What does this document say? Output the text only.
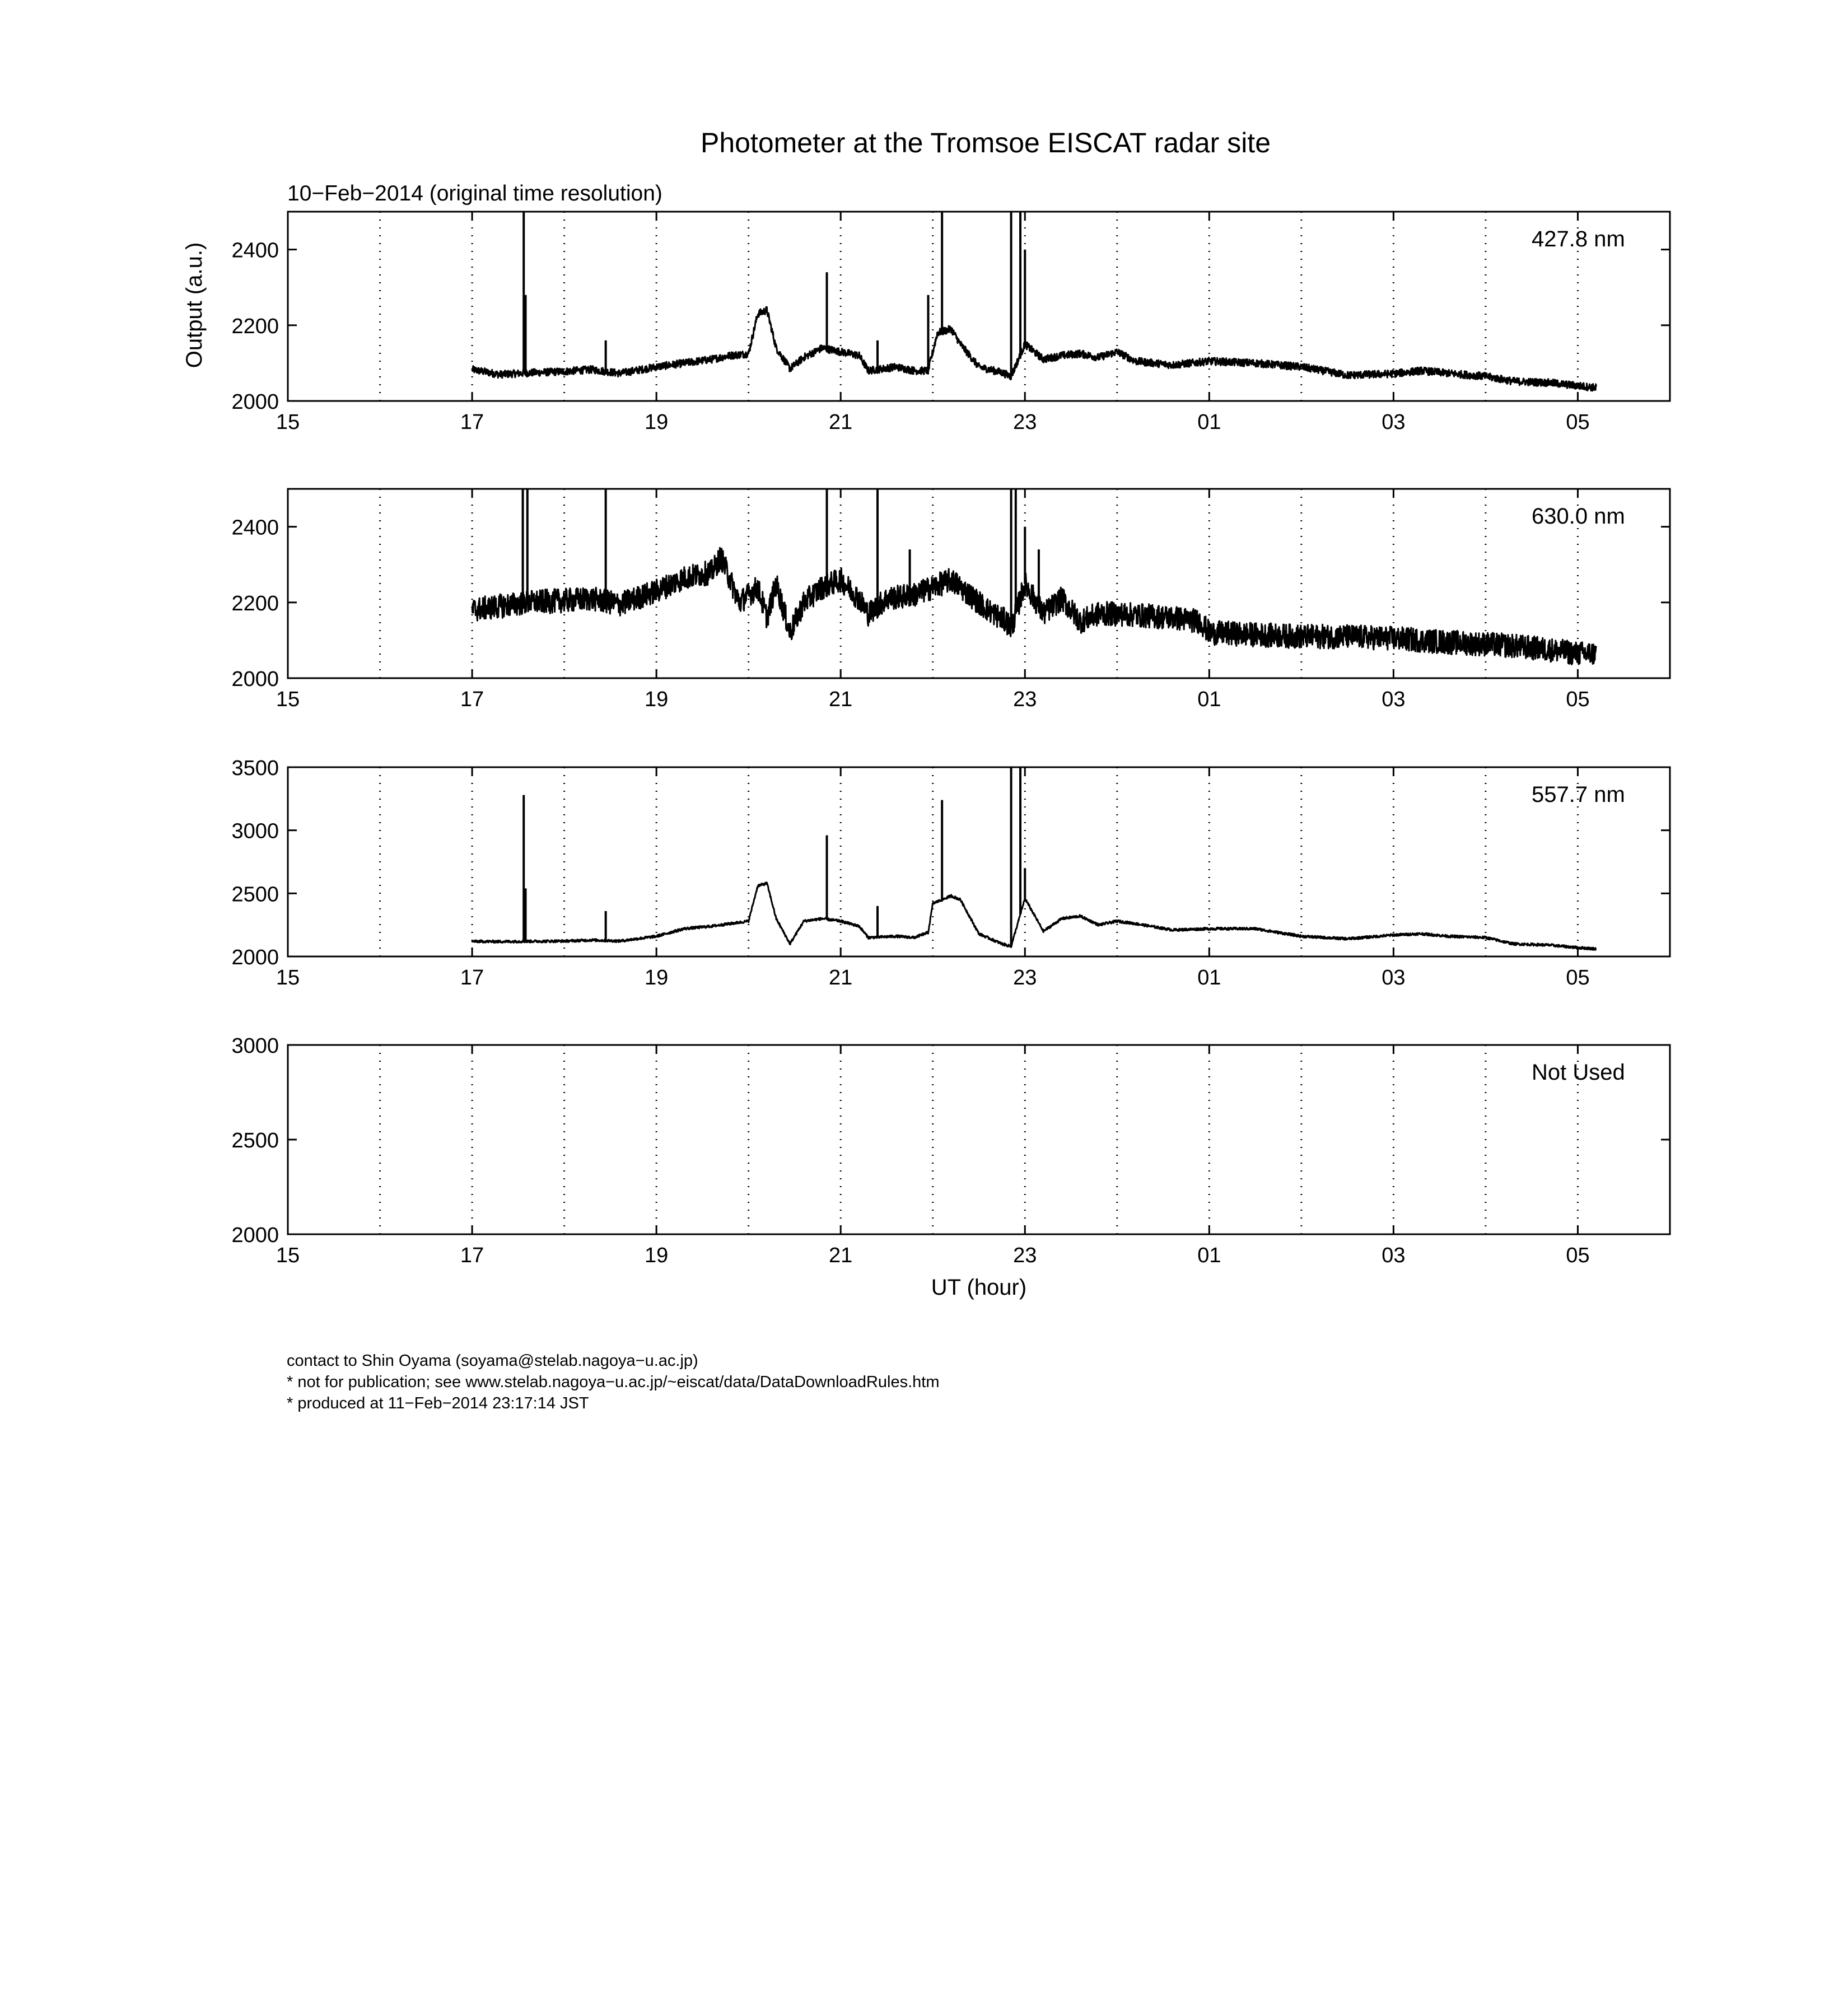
Photometer at the Tromsoe EISCAT radar site
10−Feb−2014 (original time resolution)
Output (a.u.)
UT (hour)
15	17	19	21	23	01	03	05
2000
2200
2400	427.8 nm
15	17	19	21	23	01	03	05
2000
2200
2400	630.0 nm
15	17	19	21	23	01	03	05
2000
2500
3000
3500
557.7 nm
15	17	19	21	23	01	03	05
2000
2500
3000
Not Used
contact to Shin Oyama (soyama@stelab.nagoya−u.ac.jp)
* not for publication; see www.stelab.nagoya−u.ac.jp/~eiscat/data/DataDownloadRules.htm
* produced at 11−Feb−2014 23:17:14 JST
